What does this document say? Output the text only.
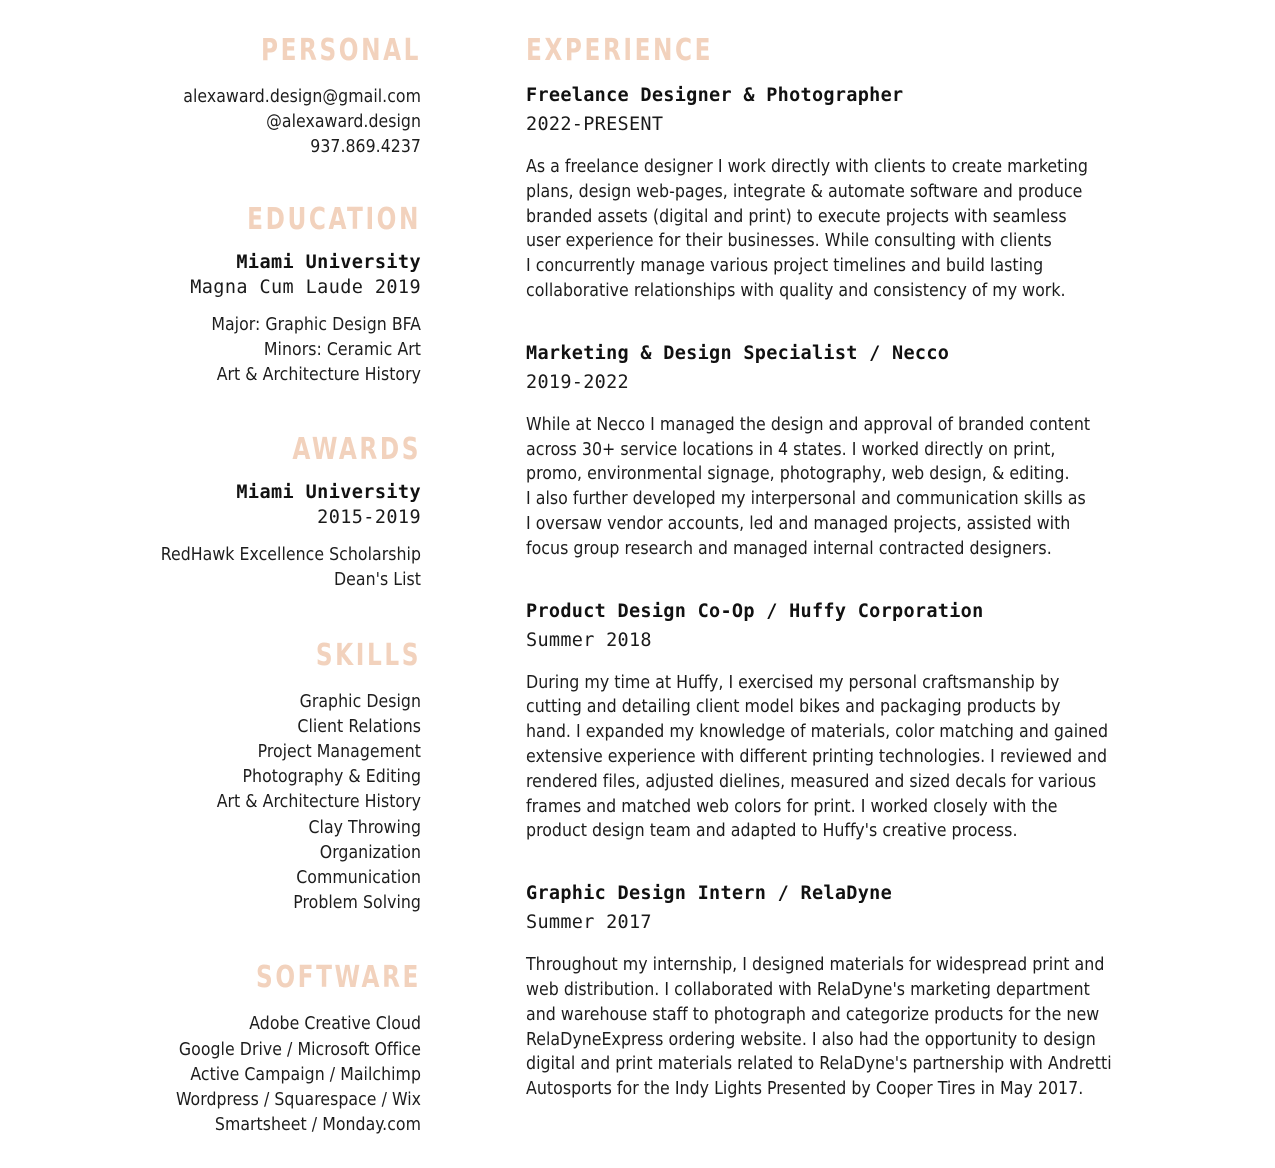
PERSONAL
alexaward.design@gmail.com
@alexaward.design
937.869.4237
EDUCATION
Miami University
Magna Cum Laude 2019
Major: Graphic Design BFA
Minors: Ceramic Art
Art & Architecture History
AWARDS
Miami University
2015-2019
RedHawk Excellence Scholarship
Dean's List
SKILLS
Graphic Design
Client Relations
Project Management
Photography & Editing
Art & Architecture History
Clay Throwing
Organization
Communication
Problem Solving
SOFTWARE
Adobe Creative Cloud
Google Drive / Microsoft Office
Active Campaign / Mailchimp
Wordpress / Squarespace / Wix
Smartsheet / Monday.com
EXPERIENCE
Freelance Designer & Photographer
2022-PRESENT
As a freelance designer I work directly with clients to create marketing
plans, design web-pages, integrate & automate software and produce
branded assets (digital and print) to execute projects with seamless
user experience for their businesses. While consulting with clients
I concurrently manage various project timelines and build lasting
collaborative relationships with quality and consistency of my work.
Marketing & Design Specialist / Necco
2019-2022
While at Necco I managed the design and approval of branded content
across 30+ service locations in 4 states. I worked directly on print,
promo, environmental signage, photography, web design, & editing.
I also further developed my interpersonal and communication skills as
I oversaw vendor accounts, led and managed projects, assisted with
focus group research and managed internal contracted designers.
Product Design Co-Op / Huffy Corporation
Summer 2018
During my time at Huffy, I exercised my personal craftsmanship by
cutting and detailing client model bikes and packaging products by
hand. I expanded my knowledge of materials, color matching and gained
extensive experience with different printing technologies. I reviewed and
rendered files, adjusted dielines, measured and sized decals for various
frames and matched web colors for print. I worked closely with the
product design team and adapted to Huffy's creative process.
Graphic Design Intern / RelaDyne
Summer 2017
Throughout my internship, I designed materials for widespread print and
web distribution. I collaborated with RelaDyne's marketing department
and warehouse staff to photograph and categorize products for the new
RelaDyneExpress ordering website. I also had the opportunity to design
digital and print materials related to RelaDyne's partnership with Andretti
Autosports for the Indy Lights Presented by Cooper Tires in May 2017.
